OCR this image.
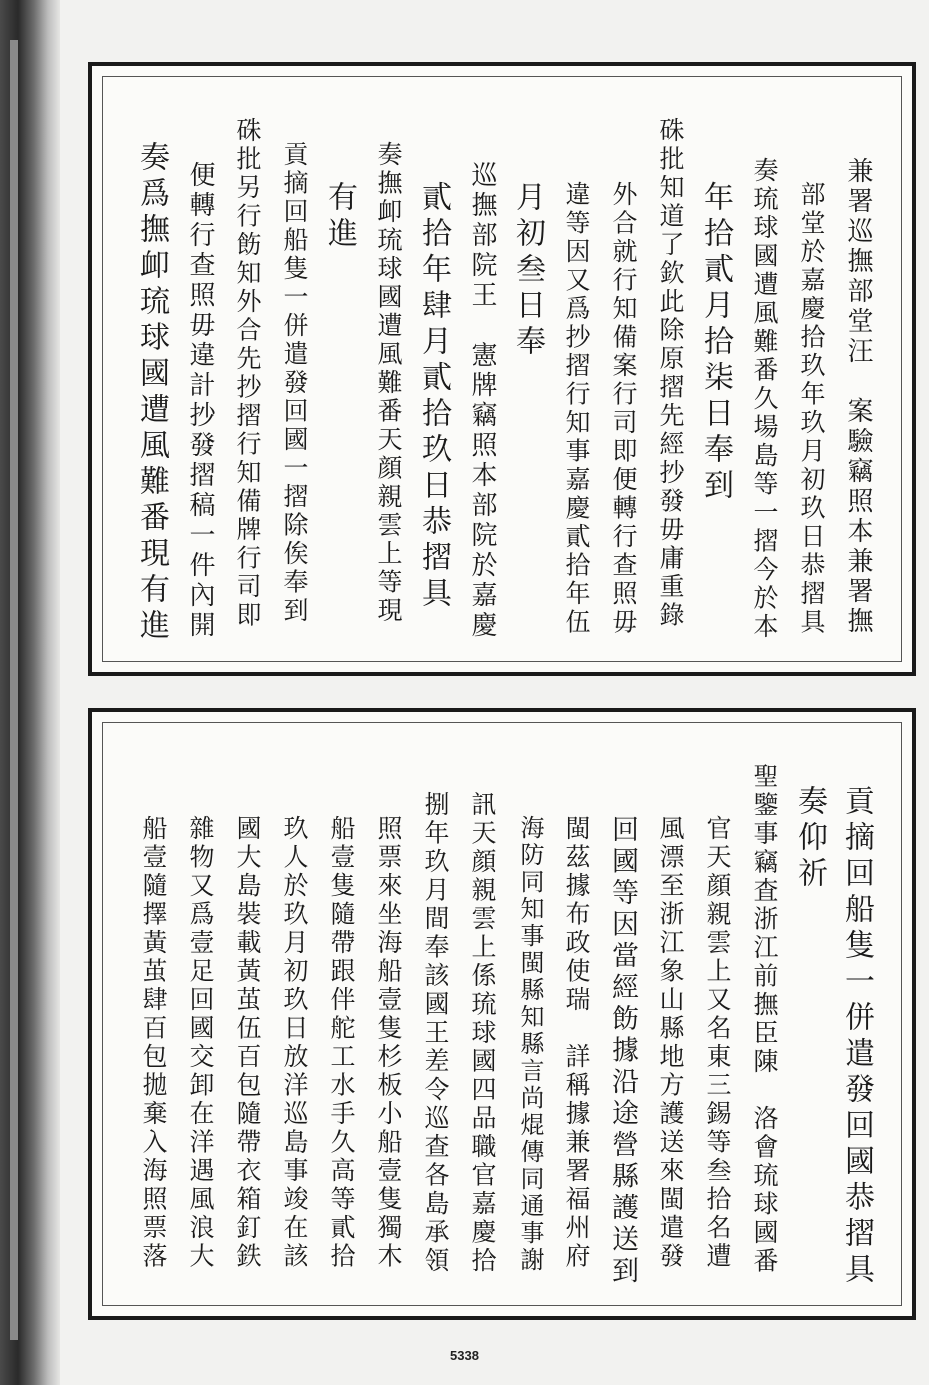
兼署巡撫部堂汪　案驗竊照本兼署撫
部堂於嘉慶拾玖年玖月初玖日恭摺具
奏琉球國遭風難番久場島等一摺今於本
年拾貳月拾柒日奉到
硃批知道了欽此除原摺先經抄發毋庸重錄
外合就行知備案行司即便轉行查照毋
違等因又爲抄摺行知事嘉慶貳拾年伍
月初叁日奉
巡撫部院王　憲牌竊照本部院於嘉慶
貳拾年肆月貳拾玖日恭摺具
奏撫卹琉球國遭風難番天顔親雲上等現
有進
貢摘回船隻一併遣發回國一摺除俟奉到
硃批另行飭知外合先抄摺行知備牌行司即
便轉行查照毋違計抄發摺稿一件內開
奏爲撫卹琉球國遭風難番現有進
貢摘回船隻一併遣發回國恭摺具
奏仰祈
聖鑒事竊査浙江前撫臣陳　洛會琉球國番
官天顔親雲上又名東三錫等叁拾名遭
風漂至浙江象山縣地方護送來閩遣發
回國等因當經飭據沿途營縣護送到
閩茲據布政使瑞　詳稱據兼署福州府
海防同知事閩縣知縣言尚焜傳同通事謝
訊天顔親雲上係琉球國四品職官嘉慶拾
捌年玖月間奉該國王差令巡查各島承領
照票來坐海船壹隻杉板小船壹隻獨木
船壹隻隨帶跟伴舵工水手久高等貳拾
玖人於玖月初玖日放洋巡島事竣在該
國大島裝載黃茧伍百包隨帶衣箱釘鉄
雜物又爲壹足回國交卸在洋遇風浪大
船壹隨擇黃茧肆百包拋棄入海照票落
5338
